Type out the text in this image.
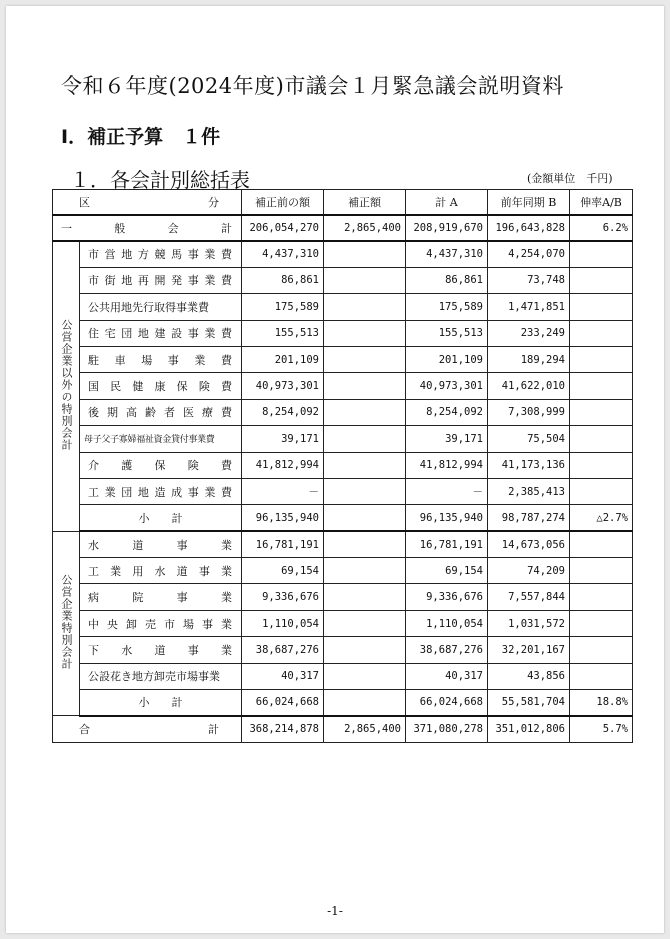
令和６年度(2024年度)市議会１月緊急議会説明資料
Ⅰ．補正予算　１件
１．各会計別総括表	(金額単位　千円)
区 分		補正前の額	補正額	計 A	前年同期 B	伸率A/B
一　般　会　計		206,054,270	2,865,400	208,919,670	196,643,828	6.2%
公営企業以外の特別会計	市営地方競馬事業費	4,437,310		4,437,310	4,254,070	
	市街地再開発事業費	86,861		86,861	73,748	
	公共用地先行取得事業費	175,589		175,589	1,471,851	
	住宅団地建設事業費	155,513		155,513	233,249	
	駐車場事業費	201,109		201,109	189,294	
	国民健康保険費	40,973,301		40,973,301	41,622,010	
	後期高齢者医療費	8,254,092		8,254,092	7,308,999	
	母子父子寡婦福祉資金貸付事業費	39,171		39,171	75,504	
	介護保険費	41,812,994		41,812,994	41,173,136	
	工業団地造成事業費	－		－	2,385,413	
	小　　計	96,135,940		96,135,940	98,787,274	△2.7%
公営企業特別会計	水道事業	16,781,191		16,781,191	14,673,056	
	工業用水道事業	69,154		69,154	74,209	
	病院事業	9,336,676		9,336,676	7,557,844	
	中央卸売市場事業	1,110,054		1,110,054	1,031,572	
	下水道事業	38,687,276		38,687,276	32,201,167	
	公設花き地方卸売市場事業	40,317		40,317	43,856	
	小　　計	66,024,668		66,024,668	55,581,704	18.8%

合 計		368,214,878	2,865,400	371,080,278	351,012,806	5.7%
-1-
